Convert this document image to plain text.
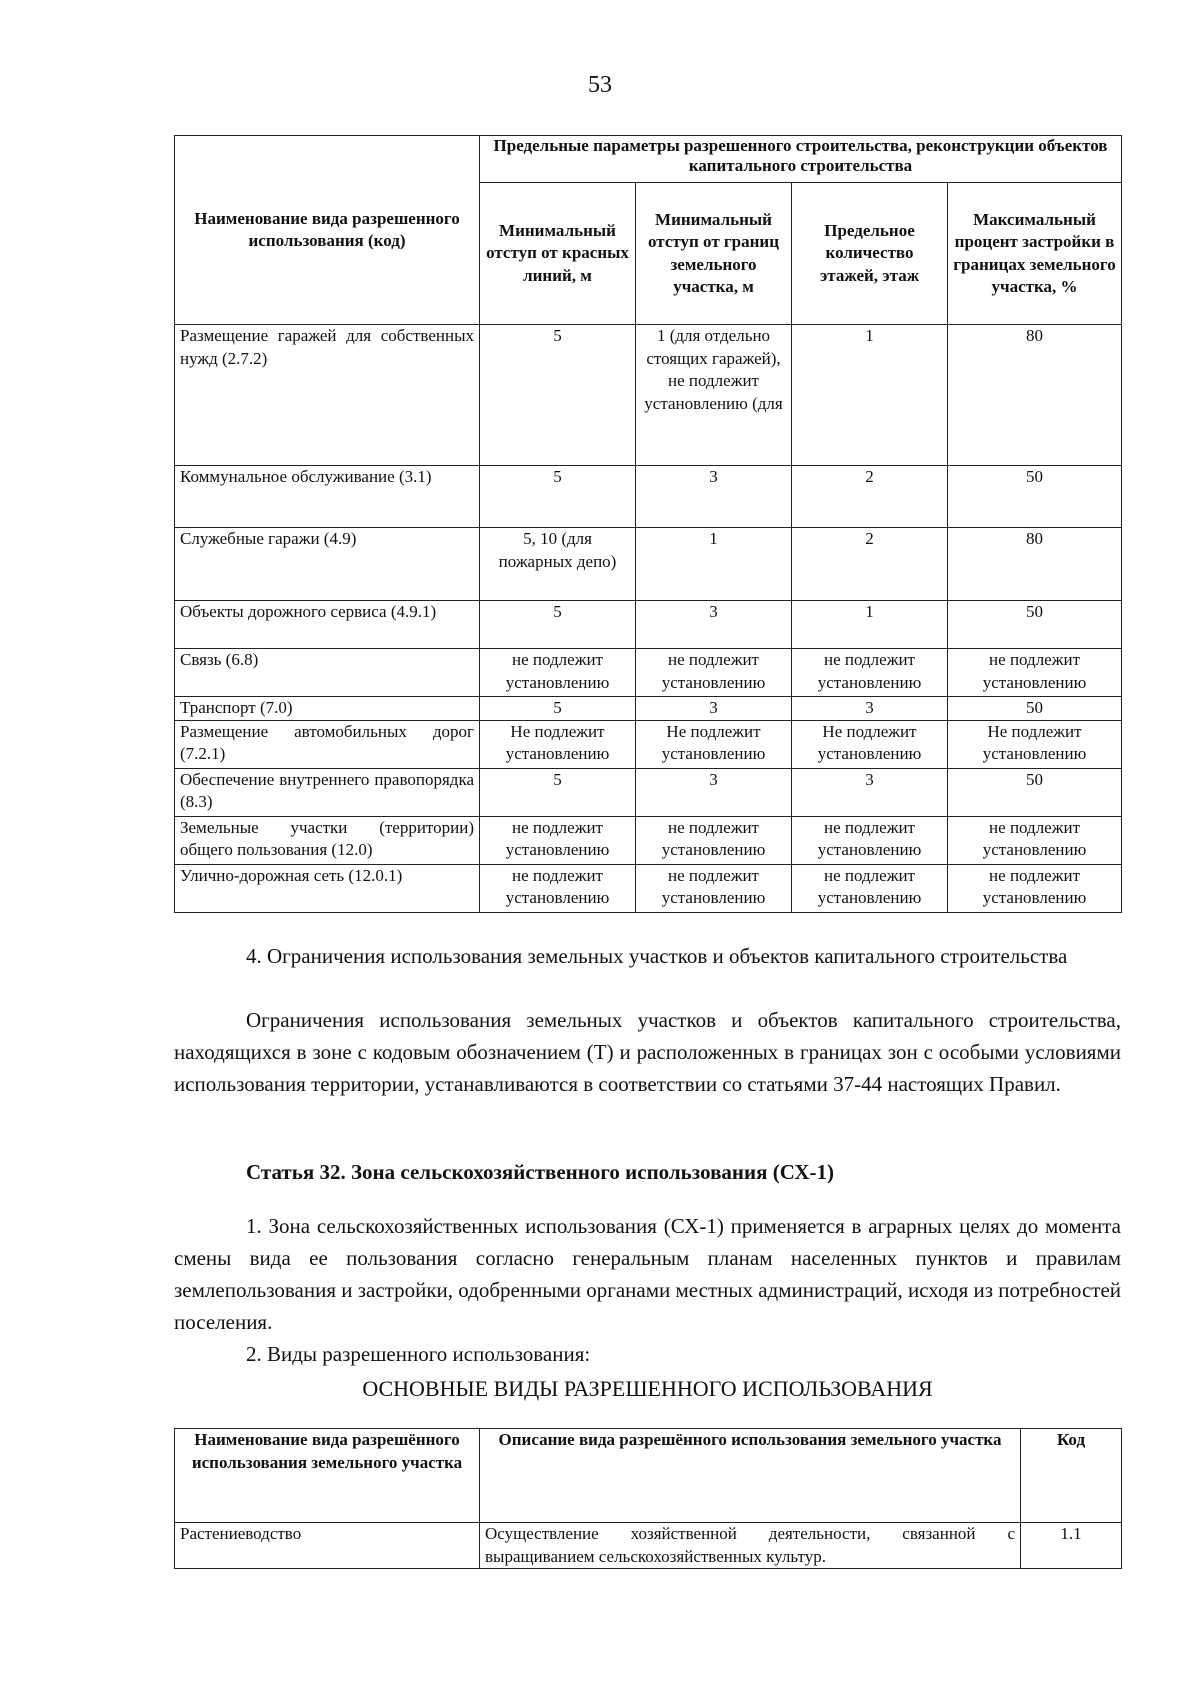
53
Наименование вида разрешенного использования (код)	Предельные параметры разрешенного строительства, реконструкции объектов капитального строительства			
	Минимальный отступ от красных линий, м	Минимальный отступ от границ земельного участка, м	Предельное количество этажей, этаж	Максимальный процент застройки в границах земельного участка, %
Размещение гаражей для собственных нужд (2.7.2)	5	1 (для отдельно стоящих гаражей), не подлежит установлению (для	1	80
Коммунальное обслуживание (3.1)	5	3	2	50
Служебные гаражи (4.9)	5, 10 (для пожарных депо)	1	2	80
Объекты дорожного сервиса (4.9.1)	5	3	1	50
Связь (6.8)	не подлежит установлению	не подлежит установлению	не подлежит установлению	не подлежит установлению
Транспорт (7.0)	5	3	3	50
Размещение автомобильных дорог (7.2.1)	Не подлежит установлению	Не подлежит установлению	Не подлежит установлению	Не подлежит установлению
Обеспечение внутреннего правопорядка (8.3)	5	3	3	50
Земельные участки (территории) общего пользования (12.0)	не подлежит установлению	не подлежит установлению	не подлежит установлению	не подлежит установлению
Улично-дорожная сеть (12.0.1)	не подлежит установлению	не подлежит установлению	не подлежит установлению	не подлежит установлению
4. Ограничения использования земельных участков и объектов капитального строительства
Ограничения использования земельных участков и объектов капитального строительства, находящихся в зоне с кодовым обозначением (Т) и расположенных в границах зон с особыми условиями использования территории, устанавливаются в соответствии со статьями 37-44 настоящих Правил.
Статья 32. Зона сельскохозяйственного использования (СХ-1)
1. Зона сельскохозяйственных использования (СХ-1) применяется в аграрных целях до момента смены вида ее пользования согласно генеральным планам населенных пунктов и правилам землепользования и застройки, одобренными органами местных администраций, исходя из потребностей поселения.
2. Виды разрешенного использования:
ОСНОВНЫЕ ВИДЫ РАЗРЕШЕННОГО ИСПОЛЬЗОВАНИЯ
Наименование вида разрешённого использования земельного участка	Описание вида разрешённого использования земельного участка	Код
Растениеводство	Осуществление хозяйственной деятельности, связанной с выращиванием сельскохозяйственных культур.	1.1
